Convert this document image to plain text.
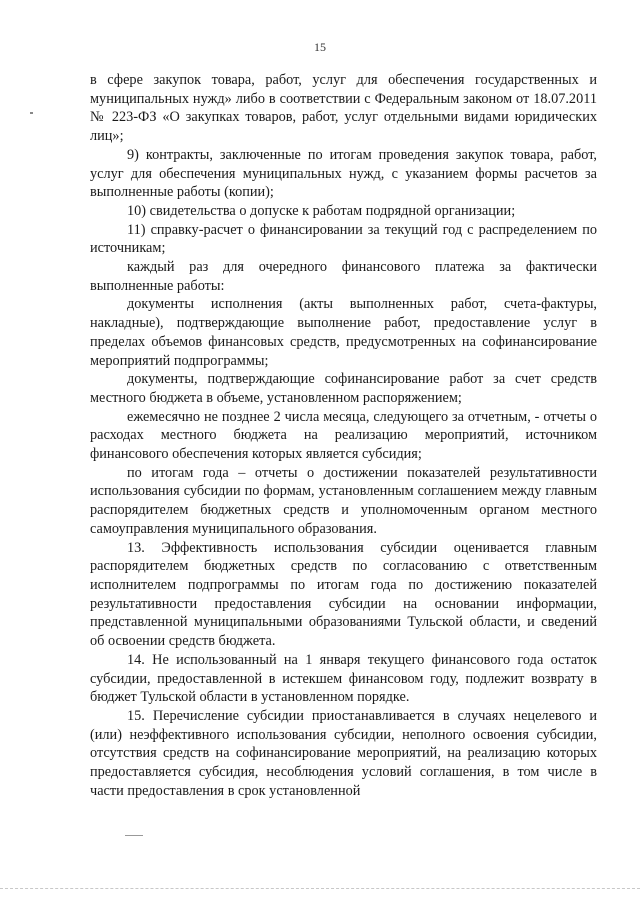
15

в сфере закупок товара, работ, услуг для обеспечения государственных и муниципальных нужд» либо в соответствии с Федеральным законом от 18.07.2011 № 223-ФЗ «О закупках товаров, работ, услуг отдельными видами юридических лиц»;

9) контракты, заключенные по итогам проведения закупок товара, работ, услуг для обеспечения муниципальных нужд, с указанием формы расчетов за выполненные работы (копии);

10) свидетельства о допуске к работам подрядной организации;

11) справку-расчет о финансировании за текущий год с распределением по источникам;

каждый раз для очередного финансового платежа за фактически выполненные работы:

документы исполнения (акты выполненных работ, счета-фактуры, накладные), подтверждающие выполнение работ, предоставление услуг в пределах объемов финансовых средств, предусмотренных на софинансирование мероприятий подпрограммы;

документы, подтверждающие софинансирование работ за счет средств местного бюджета в объеме, установленном распоряжением;

ежемесячно не позднее 2 числа месяца, следующего за отчетным, - отчеты о расходах местного бюджета на реализацию мероприятий, источником финансового обеспечения которых является субсидия;

по итогам года – отчеты о достижении показателей результативности использования субсидии по формам, установленным соглашением между главным распорядителем бюджетных средств и уполномоченным органом местного самоуправления муниципального образования.

13. Эффективность использования субсидии оценивается главным распорядителем бюджетных средств по согласованию с ответственным исполнителем подпрограммы по итогам года по достижению показателей результативности предоставления субсидии на основании информации, представленной муниципальными образованиями Тульской области, и сведений об освоении средств бюджета.

14. Не использованный на 1 января текущего финансового года остаток субсидии, предоставленной в истекшем финансовом году, подлежит возврату в бюджет Тульской области в установленном порядке.

15. Перечисление субсидии приостанавливается в случаях нецелевого и (или) неэффективного использования субсидии, неполного освоения субсидии, отсутствия средств на софинансирование мероприятий, на реализацию которых предоставляется субсидия, несоблюдения условий соглашения, в том числе в части предоставления в срок установленной
